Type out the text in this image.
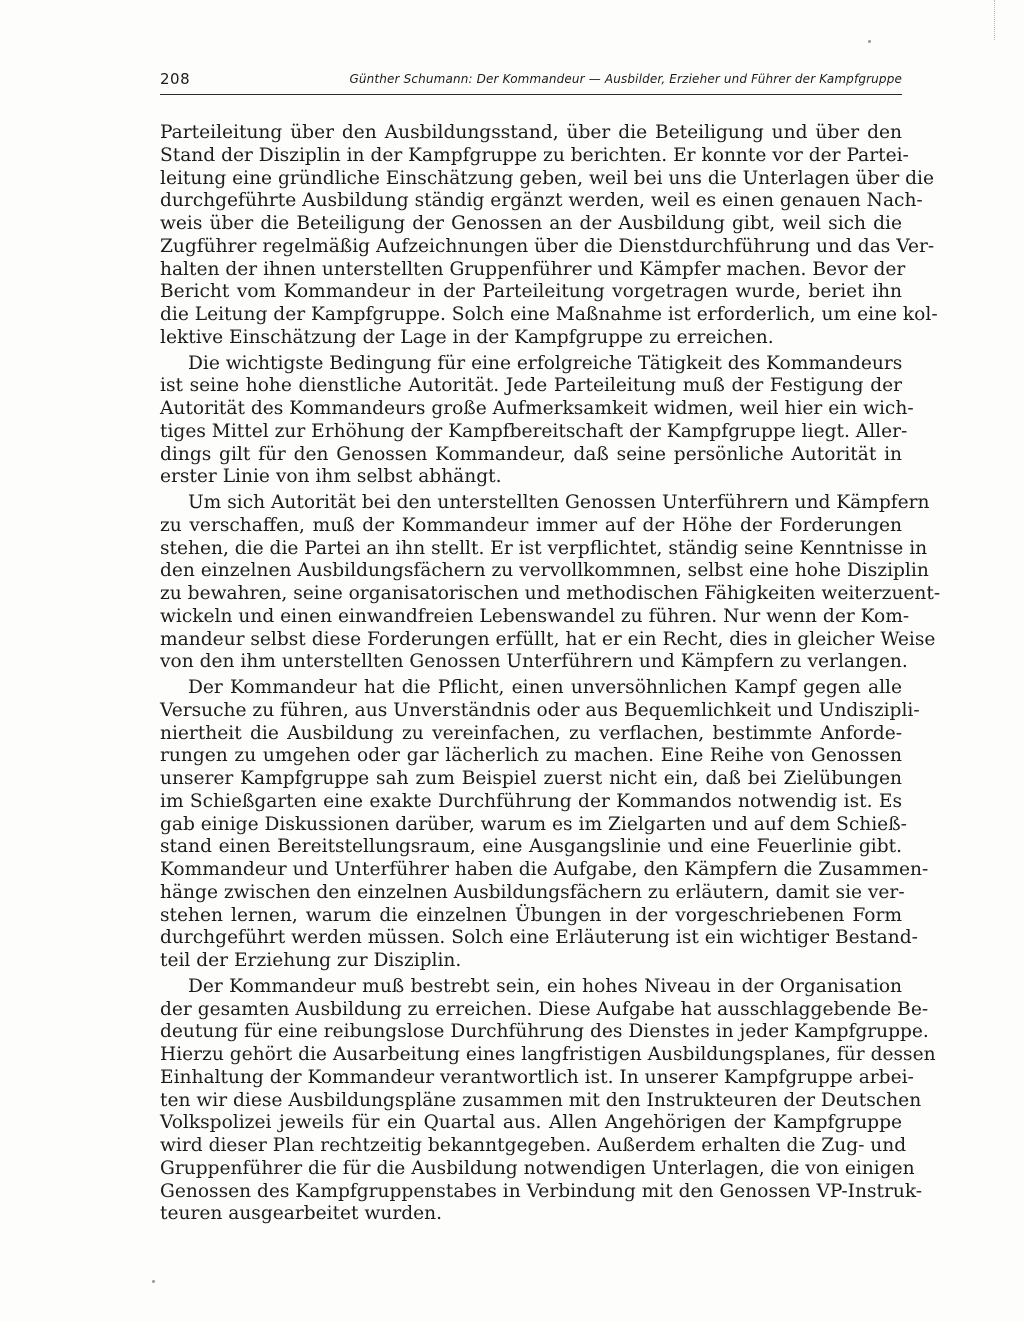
208	Günther Schumann: Der Kommandeur — Ausbilder, Erzieher und Führer der Kampfgruppe
Parteileitung über den Ausbildungsstand, über die Beteiligung und über den
Stand der Disziplin in der Kampfgruppe zu berichten. Er konnte vor der Partei-
leitung eine gründliche Einschätzung geben, weil bei uns die Unterlagen über die
durchgeführte Ausbildung ständig ergänzt werden, weil es einen genauen Nach-
weis über die Beteiligung der Genossen an der Ausbildung gibt, weil sich die
Zugführer regelmäßig Aufzeichnungen über die Dienstdurchführung und das Ver-
halten der ihnen unterstellten Gruppenführer und Kämpfer machen. Bevor der
Bericht vom Kommandeur in der Parteileitung vorgetragen wurde, beriet ihn
die Leitung der Kampfgruppe. Solch eine Maßnahme ist erforderlich, um eine kol-
lektive Einschätzung der Lage in der Kampfgruppe zu erreichen.
Die wichtigste Bedingung für eine erfolgreiche Tätigkeit des Kommandeurs
ist seine hohe dienstliche Autorität. Jede Parteileitung muß der Festigung der
Autorität des Kommandeurs große Aufmerksamkeit widmen, weil hier ein wich-
tiges Mittel zur Erhöhung der Kampfbereitschaft der Kampfgruppe liegt. Aller-
dings gilt für den Genossen Kommandeur, daß seine persönliche Autorität in
erster Linie von ihm selbst abhängt.
Um sich Autorität bei den unterstellten Genossen Unterführern und Kämpfern
zu verschaffen, muß der Kommandeur immer auf der Höhe der Forderungen
stehen, die die Partei an ihn stellt. Er ist verpflichtet, ständig seine Kenntnisse in
den einzelnen Ausbildungsfächern zu vervollkommnen, selbst eine hohe Disziplin
zu bewahren, seine organisatorischen und methodischen Fähigkeiten weiterzuent-
wickeln und einen einwandfreien Lebenswandel zu führen. Nur wenn der Kom-
mandeur selbst diese Forderungen erfüllt, hat er ein Recht, dies in gleicher Weise
von den ihm unterstellten Genossen Unterführern und Kämpfern zu verlangen.
Der Kommandeur hat die Pflicht, einen unversöhnlichen Kampf gegen alle
Versuche zu führen, aus Unverständnis oder aus Bequemlichkeit und Undiszipli-
niertheit die Ausbildung zu vereinfachen, zu verflachen, bestimmte Anforde-
rungen zu umgehen oder gar lächerlich zu machen. Eine Reihe von Genossen
unserer Kampfgruppe sah zum Beispiel zuerst nicht ein, daß bei Zielübungen
im Schießgarten eine exakte Durchführung der Kommandos notwendig ist. Es
gab einige Diskussionen darüber, warum es im Zielgarten und auf dem Schieß-
stand einen Bereitstellungsraum, eine Ausgangslinie und eine Feuerlinie gibt.
Kommandeur und Unterführer haben die Aufgabe, den Kämpfern die Zusammen-
hänge zwischen den einzelnen Ausbildungsfächern zu erläutern, damit sie ver-
stehen lernen, warum die einzelnen Übungen in der vorgeschriebenen Form
durchgeführt werden müssen. Solch eine Erläuterung ist ein wichtiger Bestand-
teil der Erziehung zur Disziplin.
Der Kommandeur muß bestrebt sein, ein hohes Niveau in der Organisation
der gesamten Ausbildung zu erreichen. Diese Aufgabe hat ausschlaggebende Be-
deutung für eine reibungslose Durchführung des Dienstes in jeder Kampfgruppe.
Hierzu gehört die Ausarbeitung eines langfristigen Ausbildungsplanes, für dessen
Einhaltung der Kommandeur verantwortlich ist. In unserer Kampfgruppe arbei-
ten wir diese Ausbildungspläne zusammen mit den Instrukteuren der Deutschen
Volkspolizei jeweils für ein Quartal aus. Allen Angehörigen der Kampfgruppe
wird dieser Plan rechtzeitig bekanntgegeben. Außerdem erhalten die Zug- und
Gruppenführer die für die Ausbildung notwendigen Unterlagen, die von einigen
Genossen des Kampfgruppenstabes in Verbindung mit den Genossen VP-Instruk-
teuren ausgearbeitet wurden.
